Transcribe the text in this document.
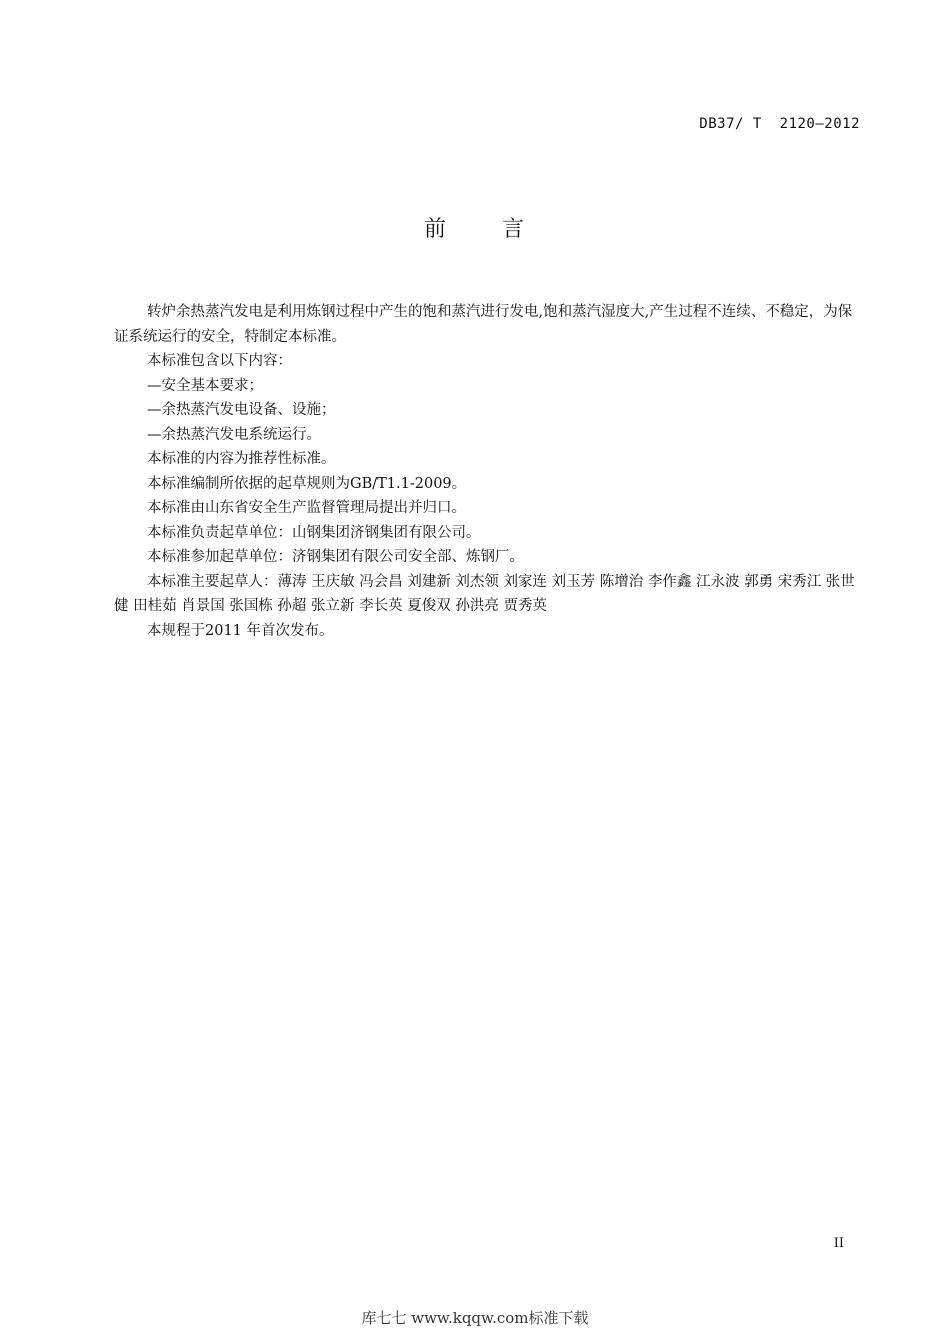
DB37/ T  2120—2012
前      言

转炉余热蒸汽发电是利用炼钢过程中产生的饱和蒸汽进行发电,饱和蒸汽湿度大,产生过程不连续、不稳定，为保证系统运行的安全，特制定本标准。

本标准包含以下内容：

—安全基本要求；

—余热蒸汽发电设备、设施；

—余热蒸汽发电系统运行。

本标准的内容为推荐性标准。

本标准编制所依据的起草规则为GB/T1.1-2009。

本标准由山东省安全生产监督管理局提出并归口。

本标准负责起草单位：山钢集团济钢集团有限公司。

本标准参加起草单位：济钢集团有限公司安全部、炼钢厂。

本标准主要起草人：薄涛 王庆敏 冯会昌 刘建新 刘杰领 刘家连 刘玉芳 陈增治 李作鑫 江永波 郭勇 宋秀江 张世健 田桂茹 肖景国 张国栋 孙超 张立新 李长英 夏俊双 孙洪亮 贾秀英

本规程于2011 年首次发布。

II
库七七 www.kqqw.com标准下载
